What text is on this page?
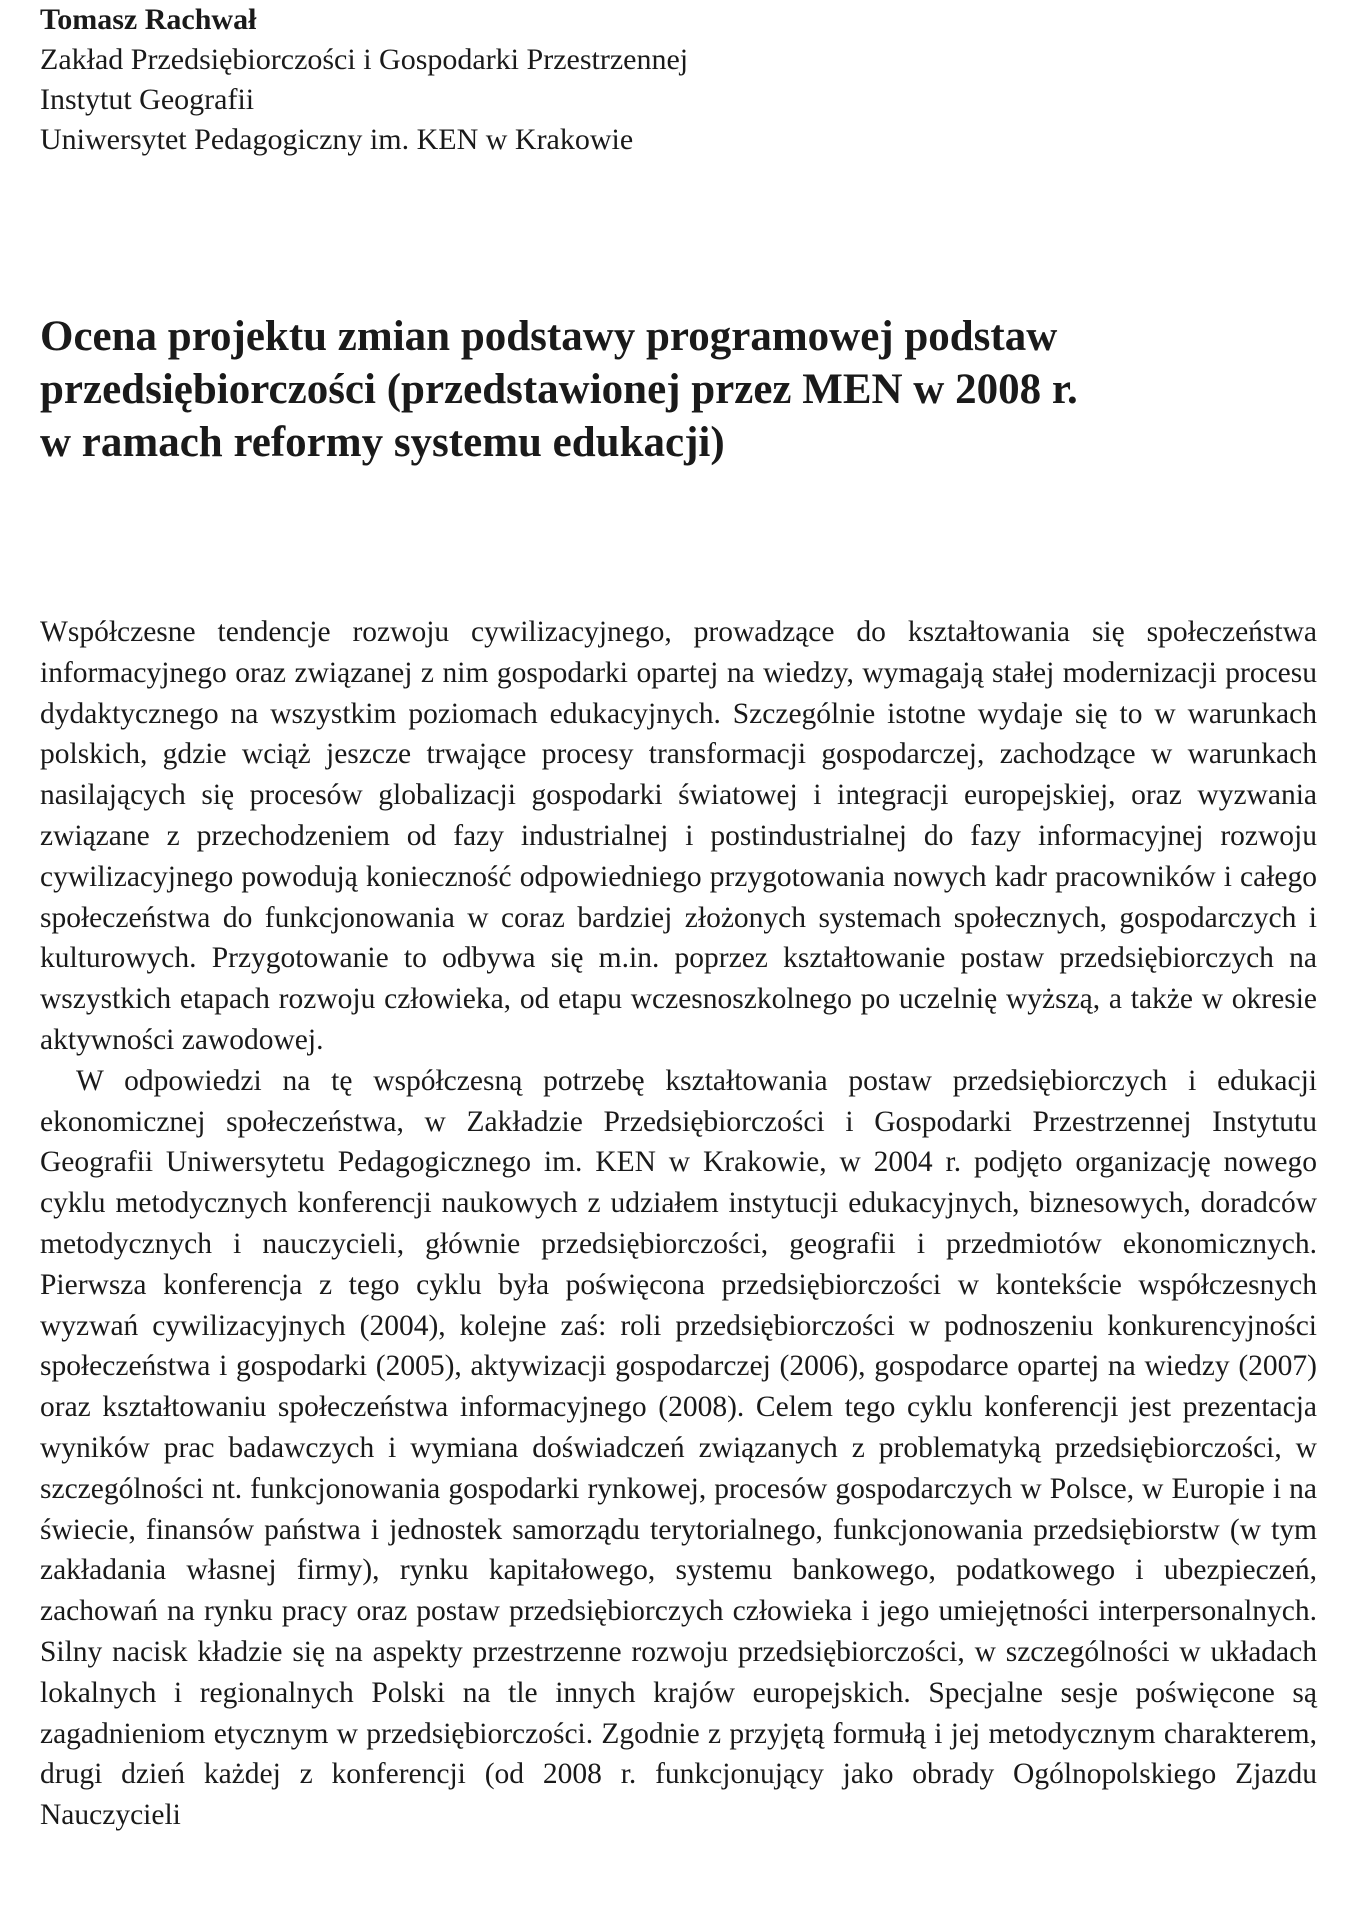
Tomasz Rachwał
Zakład Przedsiębiorczości i Gospodarki Przestrzennej
Instytut Geografii
Uniwersytet Pedagogiczny im. KEN w Krakowie
Ocena projektu zmian podstawy programowej podstaw
przedsiębiorczości (przedstawionej przez MEN w 2008 r.
w ramach reformy systemu edukacji)

Współczesne tendencje rozwoju cywilizacyjnego, prowadzące do kształtowania się społeczeństwa informacyjnego oraz związanej z nim gospodarki opartej na wiedzy, wymagają stałej modernizacji procesu dydaktycznego na wszystkim poziomach edukacyjnych. Szczególnie istotne wydaje się to w warunkach polskich, gdzie wciąż jeszcze trwające procesy transformacji gospodarczej, zachodzące w warunkach nasilających się procesów globalizacji gospodarki światowej i integracji europejskiej, oraz wyzwania związane z przechodzeniem od fazy industrialnej i postindustrialnej do fazy informacyjnej rozwoju cywilizacyjnego powodują konieczność odpowiedniego przygotowania nowych kadr pracowników i całego społeczeństwa do funkcjonowania w coraz bardziej złożonych systemach społecznych, gospodarczych i kulturowych. Przygotowanie to odbywa się m.in. poprzez kształtowanie postaw przedsiębiorczych na wszystkich etapach rozwoju człowieka, od etapu wczesnoszkolnego po uczelnię wyższą, a także w okresie aktywności zawodowej.

W odpowiedzi na tę współczesną potrzebę kształtowania postaw przedsiębiorczych i edukacji ekonomicznej społeczeństwa, w Zakładzie Przedsiębiorczości i Gospodarki Przestrzennej Instytutu Geografii Uniwersytetu Pedagogicznego im. KEN w Krakowie, w 2004 r. podjęto organizację nowego cyklu metodycznych konferencji naukowych z udziałem instytucji edukacyjnych, biznesowych, doradców metodycznych i nauczycieli, głównie przedsiębiorczości, geografii i przedmiotów ekonomicznych. Pierwsza konferencja z tego cyklu była poświęcona przedsiębiorczości w kontekście współczesnych wyzwań cywilizacyjnych (2004), kolejne zaś: roli przedsiębiorczości w podnoszeniu konkurencyjności społeczeństwa i gospodarki (2005), aktywizacji gospodarczej (2006), gospodarce opartej na wiedzy (2007) oraz kształtowaniu społeczeństwa informacyjnego (2008). Celem tego cyklu konferencji jest prezentacja wyników prac badawczych i wymiana doświadczeń związanych z problematyką przedsiębiorczości, w szczególności nt. funkcjonowania gospodarki rynkowej, procesów gospodarczych w Polsce, w Europie i na świecie, finansów państwa i jednostek samorządu terytorialnego, funkcjonowania przedsiębiorstw (w tym zakładania własnej firmy), rynku kapitałowego, systemu bankowego, podatkowego i ubezpieczeń, zachowań na rynku pracy oraz postaw przedsiębiorczych człowieka i jego umiejętności interpersonalnych. Silny nacisk kładzie się na aspekty przestrzenne rozwoju przedsiębiorczości, w szczególności w układach lokalnych i regionalnych Polski na tle innych krajów europejskich. Specjalne sesje poświęcone są zagadnieniom etycznym w przedsiębiorczości. Zgodnie z przyjętą formułą i jej metodycznym charakterem, drugi dzień każdej z konferencji (od 2008 r. funkcjonujący jako obrady Ogólnopolskiego Zjazdu Nauczycieli
